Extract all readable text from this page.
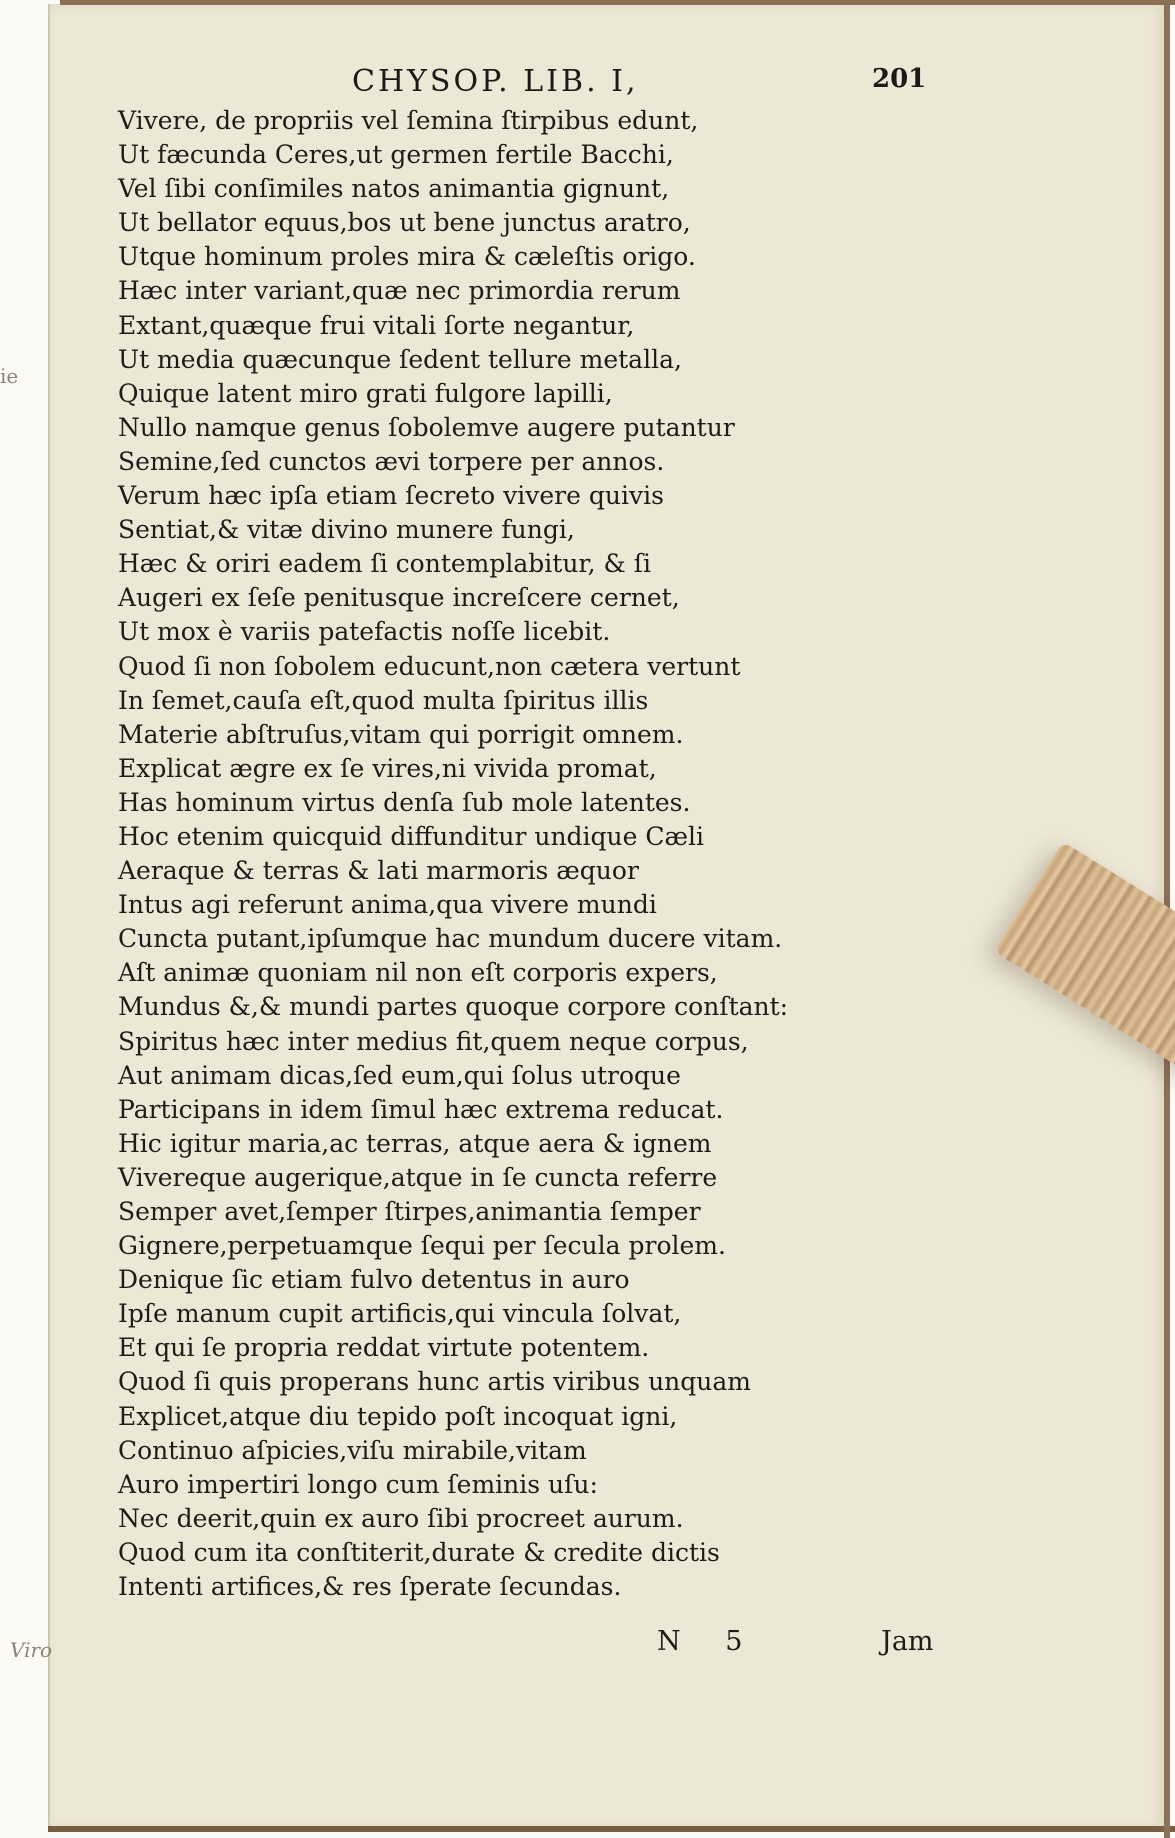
CHYSOP. LIB. I,	201
Vivere, de propriis vel ſemina ſtirpibus edunt,
Ut fæcunda Ceres,ut germen fertile Bacchi,
Vel ſibi conſimiles natos animantia gignunt,
Ut bellator equus,bos ut bene junctus aratro,
Utque hominum proles mira & cæleſtis origo.
Hæc inter variant,quæ nec primordia rerum
Extant,quæque frui vitali ſorte negantur,
Ut media quæcunque ſedent tellure metalla,
Quique latent miro grati fulgore lapilli,
Nullo namque genus ſobolemve augere putantur
Semine,ſed cunctos ævi torpere per annos.
Verum hæc ipſa etiam ſecreto vivere quivis
Sentiat,& vitæ divino munere fungi,
Hæc & oriri eadem ſi contemplabitur, & ſi
Augeri ex ſeſe penitusque increſcere cernet,
Ut mox è variis patefactis noſſe licebit.
Quod ſi non ſobolem educunt,non cætera vertunt
In ſemet,cauſa eſt,quod multa ſpiritus illis
Materie abſtruſus,vitam qui porrigit omnem.
Explicat ægre ex ſe vires,ni vivida promat,
Has hominum virtus denſa ſub mole latentes.
Hoc etenim quicquid diffunditur undique Cæli
Aeraque & terras & lati marmoris æquor
Intus agi referunt anima,qua vivere mundi
Cuncta putant,ipſumque hac mundum ducere vitam.
Aſt animæ quoniam nil non eſt corporis expers,
Mundus &,& mundi partes quoque corpore conſtant:
Spiritus hæc inter medius fit,quem neque corpus,
Aut animam dicas,ſed eum,qui ſolus utroque
Participans in idem ſimul hæc extrema reducat.
Hic igitur maria,ac terras, atque aera & ignem
Vivereque augerique,atque in ſe cuncta referre
Semper avet,ſemper ſtirpes,animantia ſemper
Gignere,perpetuamque ſequi per ſecula prolem.
Denique ſic etiam fulvo detentus in auro
Ipſe manum cupit artificis,qui vincula ſolvat,
Et qui ſe propria reddat virtute potentem.
Quod ſi quis properans hunc artis viribus unquam
Explicet,atque diu tepido poſt incoquat igni,
Continuo aſpicies,viſu mirabile,vitam
Auro impertiri longo cum ſeminis uſu:
Nec deerit,quin ex auro ſibi procreet aurum.
Quod cum ita conſtiterit,durate & credite dictis
Intenti artifices,& res ſperate ſecundas.
N 5	Jam
ie
Viro
